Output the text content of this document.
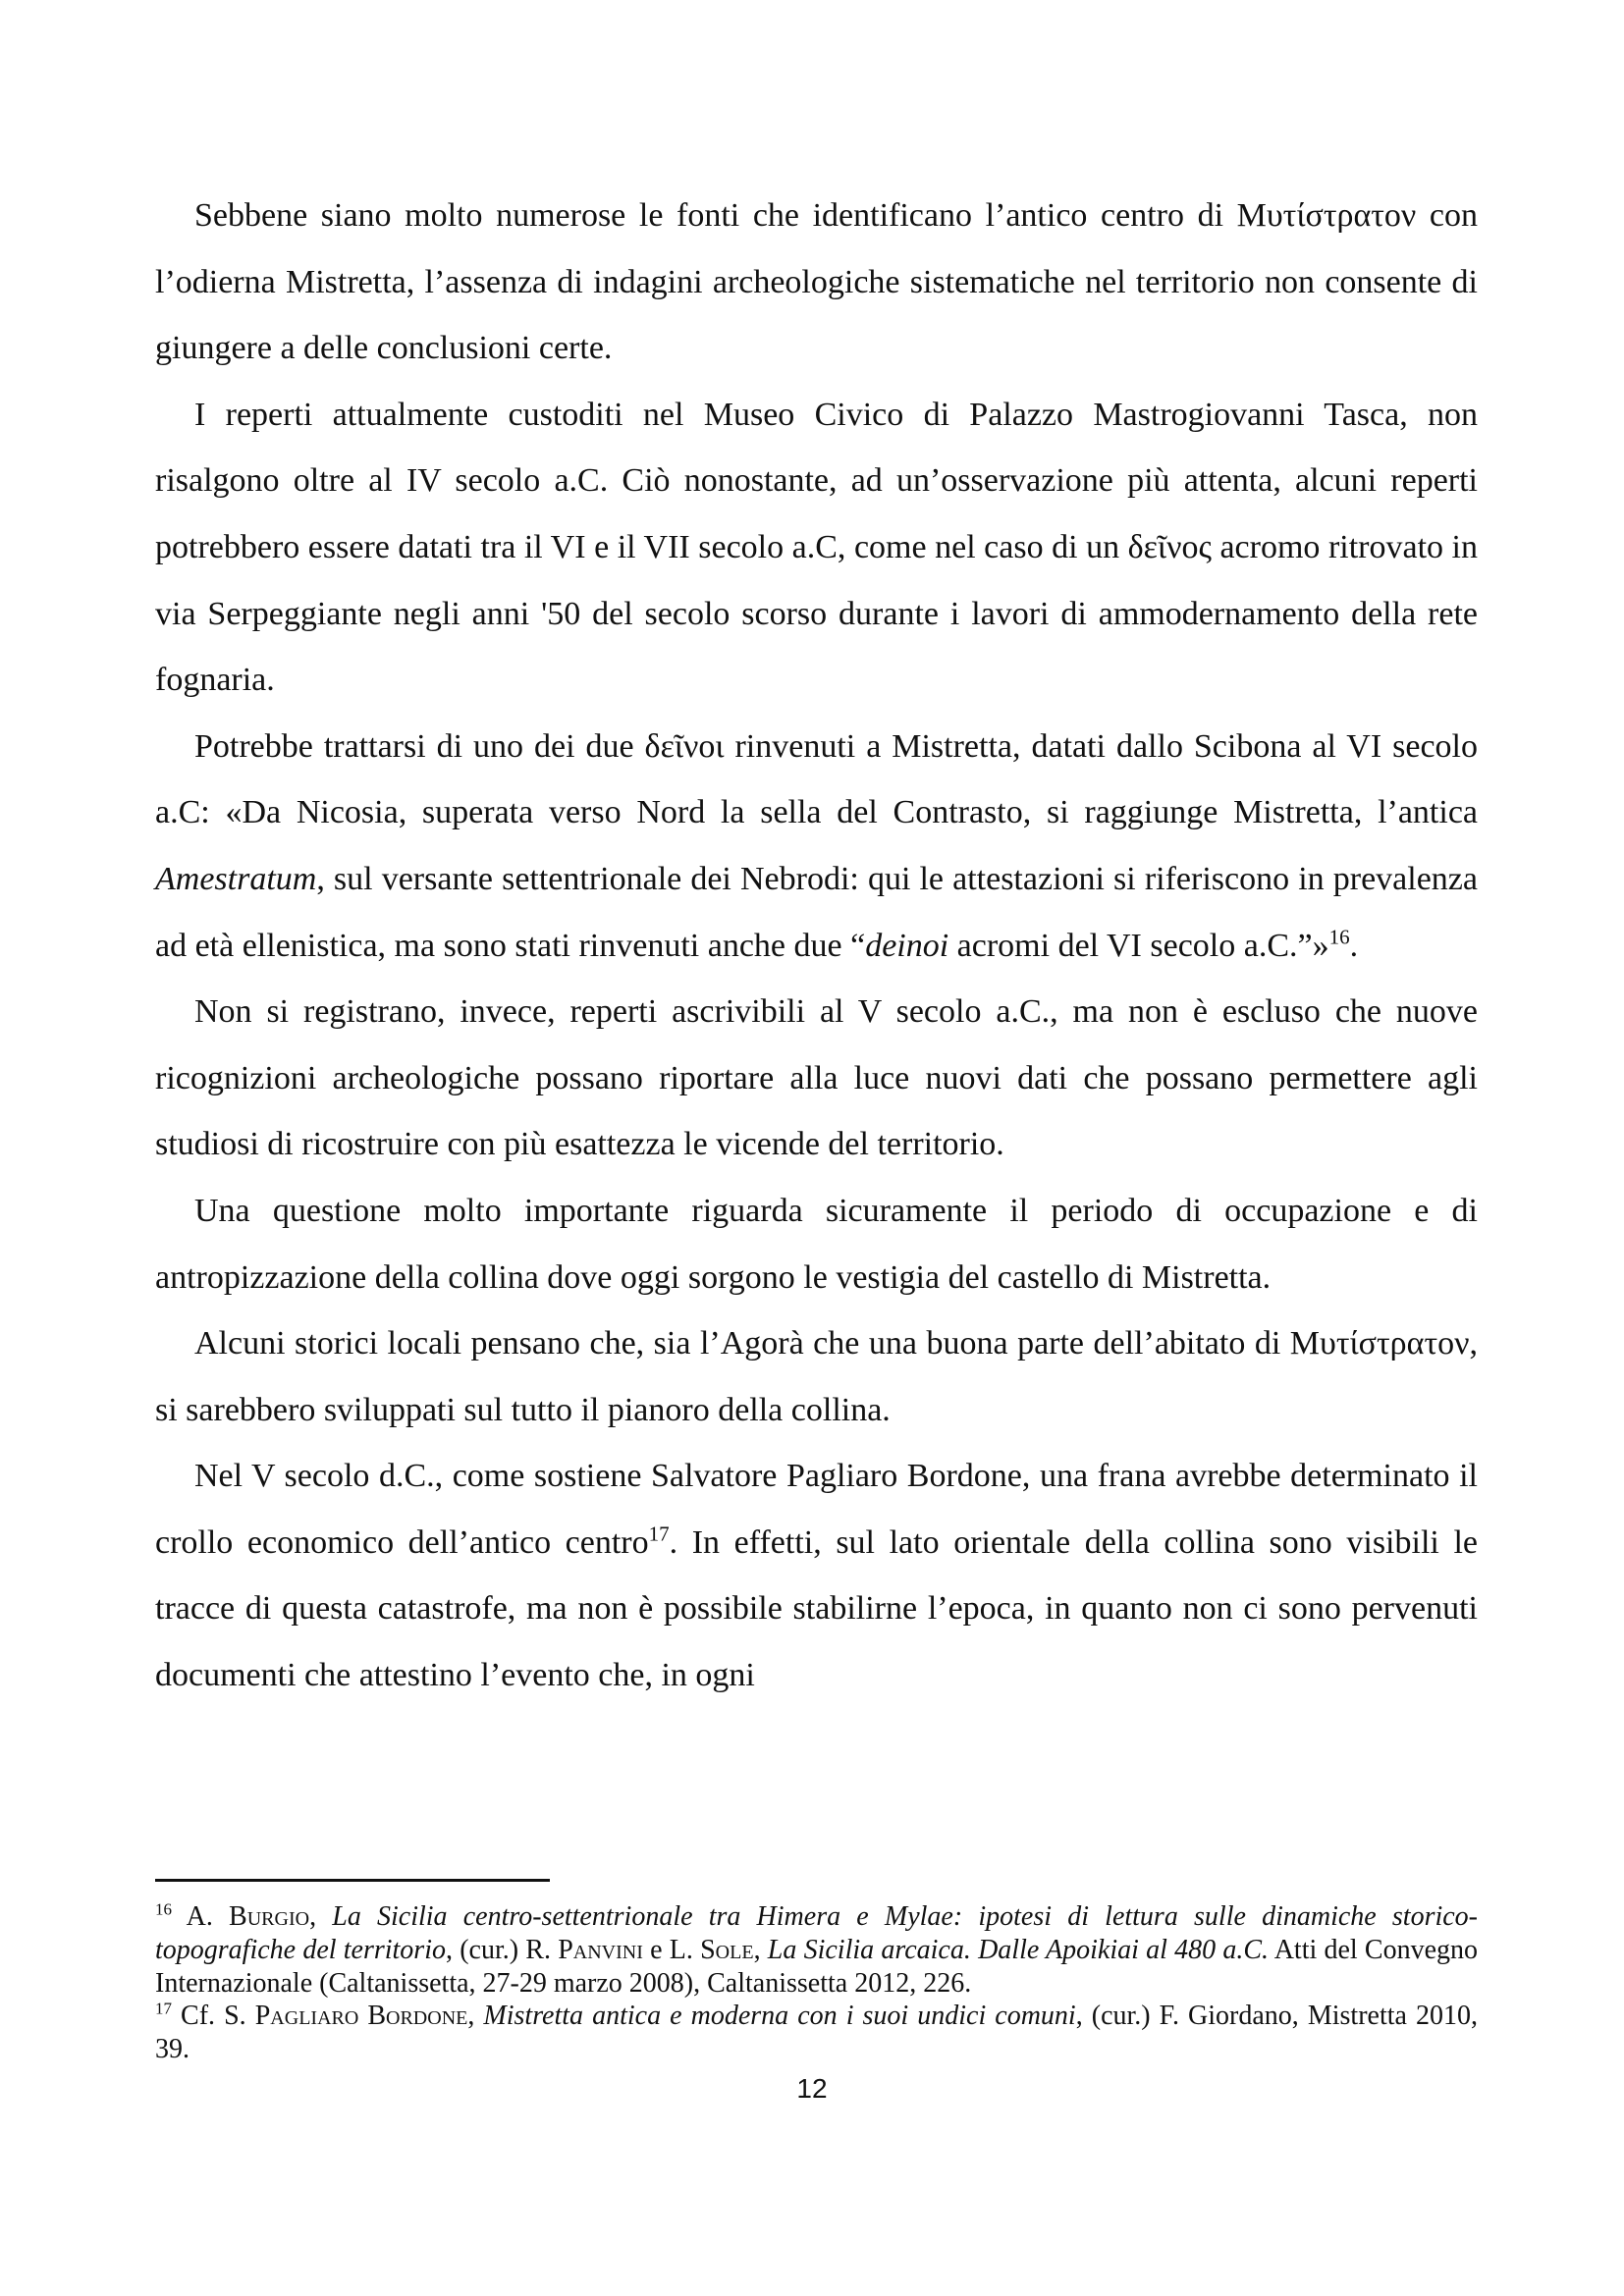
Sebbene siano molto numerose le fonti che identificano l’antico centro di Μυτίστρατον con l’odierna Mistretta, l’assenza di indagini archeologiche sistematiche nel territorio non consente di giungere a delle conclusioni certe.

I reperti attualmente custoditi nel Museo Civico di Palazzo Mastrogiovanni Tasca, non risalgono oltre al IV secolo a.C. Ciò nonostante, ad un’osservazione più attenta, alcuni reperti potrebbero essere datati tra il VI e il VII secolo a.C, come nel caso di un δεῖνος acromo ritrovato in via Serpeggiante negli anni '50 del secolo scorso durante i lavori di ammodernamento della rete fognaria.

Potrebbe trattarsi di uno dei due δεῖνοι rinvenuti a Mistretta, datati dallo Scibona al VI secolo a.C: «Da Nicosia, superata verso Nord la sella del Contrasto, si raggiunge Mistretta, l’antica Amestratum, sul versante settentrionale dei Nebrodi: qui le attestazioni si riferiscono in prevalenza ad età ellenistica, ma sono stati rinvenuti anche due “deinoi acromi del VI secolo a.C.”»$^{16}$.

Non si registrano, invece, reperti ascrivibili al V secolo a.C., ma non è escluso che nuove ricognizioni archeologiche possano riportare alla luce nuovi dati che possano permettere agli studiosi di ricostruire con più esattezza le vicende del territorio.

Una questione molto importante riguarda sicuramente il periodo di occupazione e di antropizzazione della collina dove oggi sorgono le vestigia del castello di Mistretta.

Alcuni storici locali pensano che, sia l’Agorà che una buona parte dell’abitato di Μυτίστρατον, si sarebbero sviluppati sul tutto il pianoro della collina.

Nel V secolo d.C., come sostiene Salvatore Pagliaro Bordone, una frana avrebbe determinato il crollo economico dell’antico centro$^{17}$. In effetti, sul lato orientale della collina sono visibili le tracce di questa catastrofe, ma non è possibile stabilirne l’epoca, in quanto non ci sono pervenuti documenti che attestino l’evento che, in ogni

$^{16}$ A. Burgio, La Sicilia centro-settentrionale tra Himera e Mylae: ipotesi di lettura sulle dinamiche storico-topografiche del territorio, (cur.) R. Panvini e L. Sole, La Sicilia arcaica. Dalle Apoikiai al 480 a.C. Atti del Convegno Internazionale (Caltanissetta, 27-29 marzo 2008), Caltanissetta 2012, 226.

$^{17}$ Cf. S. Pagliaro Bordone, Mistretta antica e moderna con i suoi undici comuni, (cur.) F. Giordano, Mistretta 2010, 39.

12
